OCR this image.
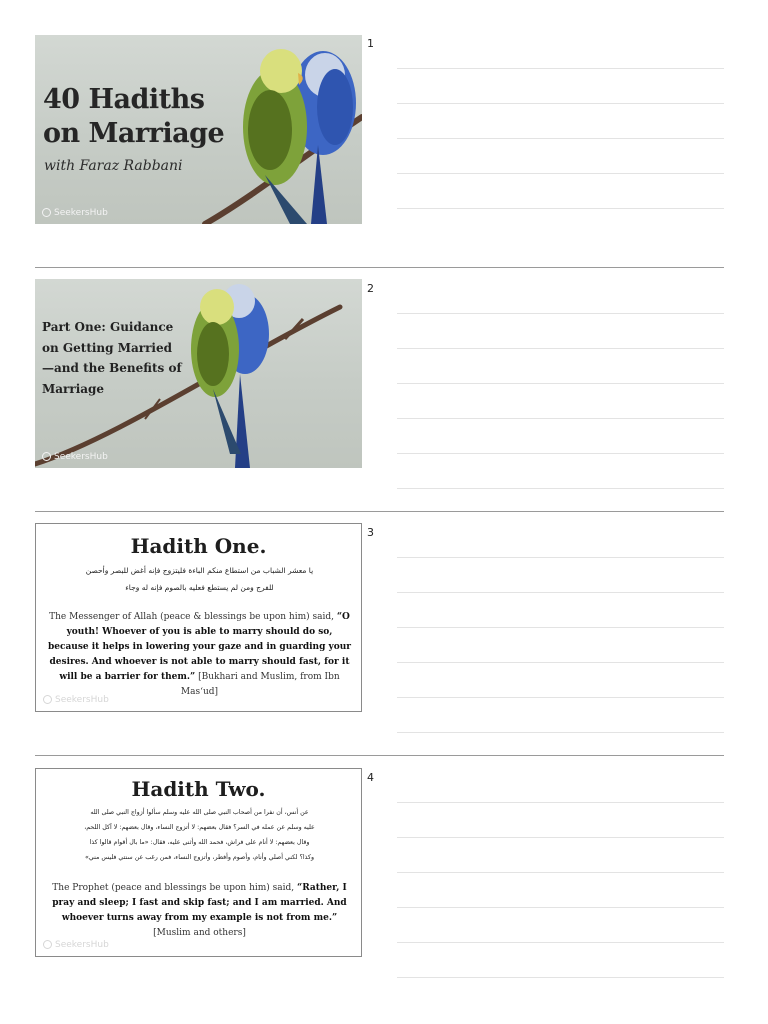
40 Hadiths
on Marriage
with Faraz Rabbani
SeekersHub
1
Part One: Guidance on Getting Married —and the Benefits of Marriage
SeekersHub
2
Hadith One.
يا معشر الشباب من استطاع منكم الباءة فليتزوج فإنه أغض للبصر وأحصن
للفرج ومن لم يستطع فعليه بالصوم فإنه له وجاء
The Messenger of Allah (peace & blessings be upon him) said, “O youth! Whoever of you is able to marry should do so, because it helps in lowering your gaze and in guarding your desires. And whoever is not able to marry should fast, for it will be a barrier for them.” [Bukhari and Muslim, from Ibn Mas‘ud]
SeekersHub
3
Hadith Two.
عن أنس، أن نفرا من أصحاب النبي صلى الله عليه وسلم سألوا أزواج النبي صلى الله
عليه وسلم عن عمله في السر؟ فقال بعضهم: لا أتزوج النساء، وقال بعضهم: لا آكل اللحم،
وقال بعضهم: لا أنام على فراش، فحمد الله وأثنى عليه، فقال: «ما بال أقوام قالوا كذا
وكذا؟ لكني أصلي وأنام، وأصوم وأفطر، وأتزوج النساء، فمن رغب عن سنتي فليس مني»
The Prophet (peace and blessings be upon him) said, “Rather, I pray and sleep; I fast and skip fast; and I am married. And whoever turns away from my example is not from me.” [Muslim and others]
SeekersHub
4
